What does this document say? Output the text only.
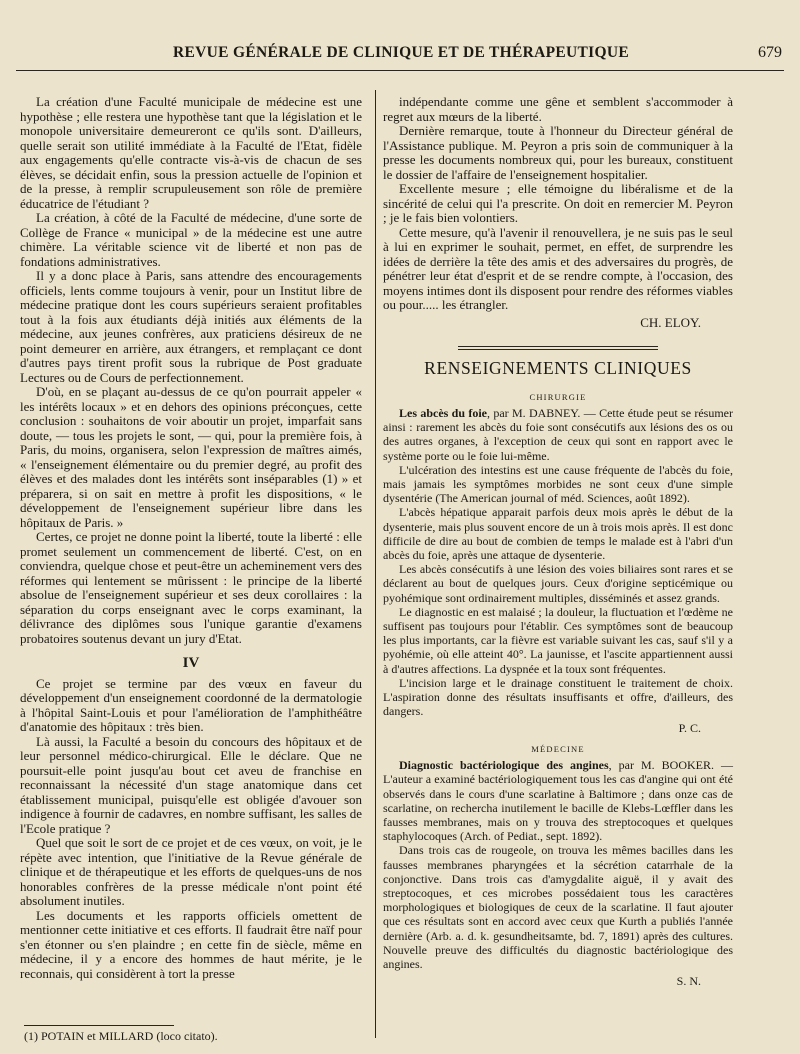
REVUE GÉNÉRALE DE CLINIQUE ET DE THÉRAPEUTIQUE	679

La création d'une Faculté municipale de médecine est une hypothèse ; elle restera une hypothèse tant que la législation et le monopole universitaire demeureront ce qu'ils sont. D'ailleurs, quelle serait son utilité immédiate à la Faculté de l'Etat, fidèle aux engagements qu'elle contracte vis-à-vis de chacun de ses élèves, se décidait enfin, sous la pression actuelle de l'opinion et de la presse, à remplir scrupuleusement son rôle de première éducatrice de l'étudiant ?

La création, à côté de la Faculté de médecine, d'une sorte de Collège de France « municipal » de la médecine est une autre chimère. La véritable science vit de liberté et non pas de fondations administratives.

Il y a donc place à Paris, sans attendre des encouragements officiels, lents comme toujours à venir, pour un Institut libre de médecine pratique dont les cours supérieurs seraient profitables tout à la fois aux étudiants déjà initiés aux éléments de la médecine, aux jeunes confrères, aux praticiens désireux de ne point demeurer en arrière, aux étrangers, et remplaçant ce dont d'autres pays tirent profit sous la rubrique de Post graduate Lectures ou de Cours de perfectionnement.

D'où, en se plaçant au-dessus de ce qu'on pourrait appeler « les intérêts locaux » et en dehors des opinions préconçues, cette conclusion : souhaitons de voir aboutir un projet, imparfait sans doute, — tous les projets le sont, — qui, pour la première fois, à Paris, du moins, organisera, selon l'expression de maîtres aimés, « l'enseignement élémentaire ou du premier degré, au profit des élèves et des malades dont les intérêts sont inséparables (1) » et préparera, si on sait en mettre à profit les dispositions, « le développement de l'enseignement supérieur libre dans les hôpitaux de Paris. »

Certes, ce projet ne donne point la liberté, toute la liberté : elle promet seulement un commencement de liberté. C'est, on en conviendra, quelque chose et peut-être un acheminement vers des réformes qui lentement se mûrissent : le principe de la liberté absolue de l'enseignement supérieur et ses deux corollaires : la séparation du corps enseignant avec le corps examinant, la délivrance des diplômes sous l'unique garantie d'examens probatoires soutenus devant un jury d'Etat.

IV

Ce projet se termine par des vœux en faveur du développement d'un enseignement coordonné de la dermatologie à l'hôpital Saint-Louis et pour l'amélioration de l'amphithéâtre d'anatomie des hôpitaux : très bien.

Là aussi, la Faculté a besoin du concours des hôpitaux et de leur personnel médico-chirurgical. Elle le déclare. Que ne poursuit-elle point jusqu'au bout cet aveu de franchise en reconnaissant la nécessité d'un stage anatomique dans cet établissement municipal, puisqu'elle est obligée d'avouer son indigence à fournir de cadavres, en nombre suffisant, les salles de l'Ecole pratique ?

Quel que soit le sort de ce projet et de ces vœux, on voit, je le répète avec intention, que l'initiative de la Revue générale de clinique et de thérapeutique et les efforts de quelques-uns de nos honorables confrères de la presse médicale n'ont point été absolument inutiles.

Les documents et les rapports officiels omettent de mentionner cette initiative et ces efforts. Il faudrait être naïf pour s'en étonner ou s'en plaindre ; en cette fin de siècle, même en médecine, il y a encore des hommes de haut mérite, je le reconnais, qui considèrent à tort la presse

(1) POTAIN et MILLARD (loco citato).

indépendante comme une gêne et semblent s'accommoder à regret aux mœurs de la liberté.

Dernière remarque, toute à l'honneur du Directeur général de l'Assistance publique. M. Peyron a pris soin de communiquer à la presse les documents nombreux qui, pour les bureaux, constituent le dossier de l'affaire de l'enseignement hospitalier.

Excellente mesure ; elle témoigne du libéralisme et de la sincérité de celui qui l'a prescrite. On doit en remercier M. Peyron ; je le fais bien volontiers.

Cette mesure, qu'à l'avenir il renouvellera, je ne suis pas le seul à lui en exprimer le souhait, permet, en effet, de surprendre les idées de derrière la tête des amis et des adversaires du progrès, de pénétrer leur état d'esprit et de se rendre compte, à l'occasion, des moyens intimes dont ils disposent pour rendre des réformes viables ou pour..... les étrangler.

CH. ELOY.

RENSEIGNEMENTS CLINIQUES

CHIRURGIE

Les abcès du foie, par M. DABNEY. — Cette étude peut se résumer ainsi : rarement les abcès du foie sont consécutifs aux lésions des os ou des autres organes, à l'exception de ceux qui sont en rapport avec le système porte ou le foie lui-même.

L'ulcération des intestins est une cause fréquente de l'abcès du foie, mais jamais les symptômes morbides ne sont ceux d'une simple dysentérie (The American journal of méd. Sciences, août 1892).

L'abcès hépatique apparait parfois deux mois après le début de la dysenterie, mais plus souvent encore de un à trois mois après. Il est donc difficile de dire au bout de combien de temps le malade est à l'abri d'un abcès du foie, après une attaque de dysenterie.

Les abcès consécutifs à une lésion des voies biliaires sont rares et se déclarent au bout de quelques jours. Ceux d'origine septicémique ou pyohémique sont ordinairement multiples, disséminés et assez grands.

Le diagnostic en est malaisé ; la douleur, la fluctuation et l'œdème ne suffisent pas toujours pour l'établir. Ces symptômes sont de beaucoup les plus importants, car la fièvre est variable suivant les cas, sauf s'il y a pyohémie, où elle atteint 40°. La jaunisse, et l'ascite appartiennent aussi à d'autres affections. La dyspnée et la toux sont fréquentes.

L'incision large et le drainage constituent le traitement de choix. L'aspiration donne des résultats insuffisants et offre, d'ailleurs, des dangers.

P. C.

MÉDECINE

Diagnostic bactériologique des angines, par M. BOOKER. — L'auteur a examiné bactériologiquement tous les cas d'angine qui ont été observés dans le cours d'une scarlatine à Baltimore ; dans onze cas de scarlatine, on rechercha inutilement le bacille de Klebs-Lœffler dans les fausses membranes, mais on y trouva des streptocoques et quelques staphylocoques (Arch. of Pediat., sept. 1892).

Dans trois cas de rougeole, on trouva les mêmes bacilles dans les fausses membranes pharyngées et la sécrétion catarrhale de la conjonctive. Dans trois cas d'amygdalite aiguë, il y avait des streptocoques, et ces microbes possédaient tous les caractères morphologiques et biologiques de ceux de la scarlatine. Il faut ajouter que ces résultats sont en accord avec ceux que Kurth a publiés l'année dernière (Arb. a. d. k. gesundheitsamte, bd. 7, 1891) après des cultures. Nouvelle preuve des difficultés du diagnostic bactériologique des angines.

S. N.
